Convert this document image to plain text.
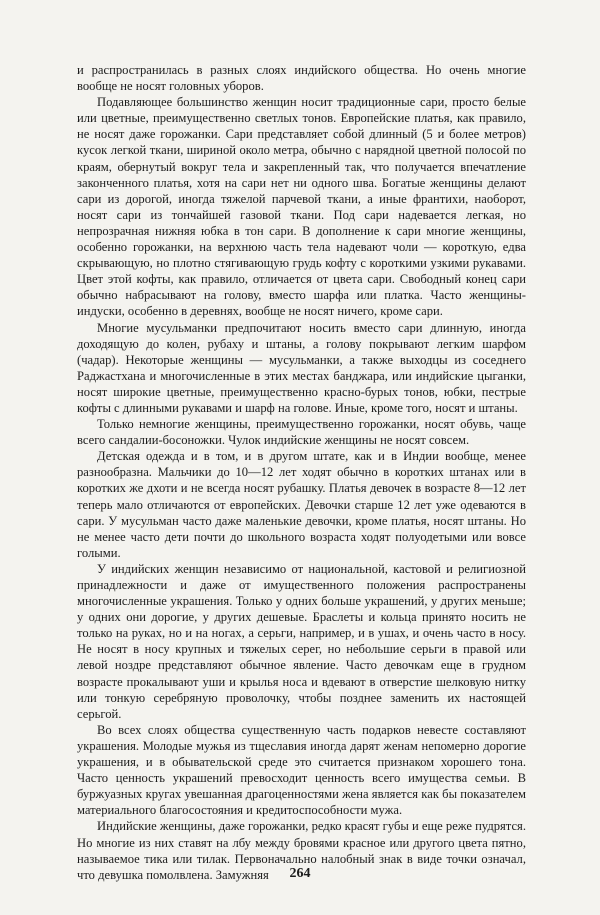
и распространилась в разных слоях индийского общества. Но очень многие вообще не носят головных уборов.

Подавляющее большинство женщин носит традиционные сари, просто белые или цветные, преимущественно светлых тонов. Европейские платья, как правило, не носят даже горожанки. Сари представляет собой длинный (5 и более метров) кусок легкой ткани, шириной около метра, обычно с нарядной цветной полосой по краям, обернутый вокруг тела и закрепленный так, что получается впечатление законченного платья, хотя на сари нет ни одного шва. Богатые женщины делают сари из дорогой, иногда тяжелой парчевой ткани, а иные франтихи, наоборот, носят сари из тончайшей газовой ткани. Под сари надевается легкая, но непрозрачная нижняя юбка в тон сари. В дополнение к сари многие женщины, особенно горожанки, на верхнюю часть тела надевают чоли — короткую, едва скрывающую, но плотно стягивающую грудь кофту с короткими узкими рукавами. Цвет этой кофты, как правило, отличается от цвета сари. Свободный конец сари обычно набрасывают на голову, вместо шарфа или платка. Часто женщины-индуски, особенно в деревнях, вообще не носят ничего, кроме сари.

Многие мусульманки предпочитают носить вместо сари длинную, иногда доходящую до колен, рубаху и штаны, а голову покрывают легким шарфом (чадар). Некоторые женщины — мусульманки, а также выходцы из соседнего Раджастхана и многочисленные в этих местах банджара, или индийские цыганки, носят широкие цветные, преимущественно красно-бурых тонов, юбки, пестрые кофты с длинными рукавами и шарф на голове. Иные, кроме того, носят и штаны.

Только немногие женщины, преимущественно горожанки, носят обувь, чаще всего сандалии-босоножки. Чулок индийские женщины не носят совсем.

Детская одежда и в том, и в другом штате, как и в Индии вообще, менее разнообразна. Мальчики до 10—12 лет ходят обычно в коротких штанах или в коротких же дхоти и не всегда носят рубашку. Платья девочек в возрасте 8—12 лет теперь мало отличаются от европейских. Девочки старше 12 лет уже одеваются в сари. У мусульман часто даже маленькие девочки, кроме платья, носят штаны. Но не менее часто дети почти до школьного возраста ходят полуодетыми или вовсе голыми.

У индийских женщин независимо от национальной, кастовой и религиозной принадлежности и даже от имущественного положения распространены многочисленные украшения. Только у одних больше украшений, у других меньше; у одних они дорогие, у других дешевые. Браслеты и кольца принято носить не только на руках, но и на ногах, а серьги, например, и в ушах, и очень часто в носу. Не носят в носу крупных и тяжелых серег, но небольшие серьги в правой или левой ноздре представляют обычное явление. Часто девочкам еще в грудном возрасте прокалывают уши и крылья носа и вдевают в отверстие шелковую нитку или тонкую серебряную проволочку, чтобы позднее заменить их настоящей серьгой.

Во всех слоях общества существенную часть подарков невесте составляют украшения. Молодые мужья из тщеславия иногда дарят женам непомерно дорогие украшения, и в обывательской среде это считается признаком хорошего тона. Часто ценность украшений превосходит ценность всего имущества семьи. В буржуазных кругах увешанная драгоценностями жена является как бы показателем материального благосостояния и кредитоспособности мужа.

Индийские женщины, даже горожанки, редко красят губы и еще реже пудрятся. Но многие из них ставят на лбу между бровями красное или другого цвета пятно, называемое тика или тилак. Первоначально налобный знак в виде точки означал, что девушка помолвлена. Замужняя	264
